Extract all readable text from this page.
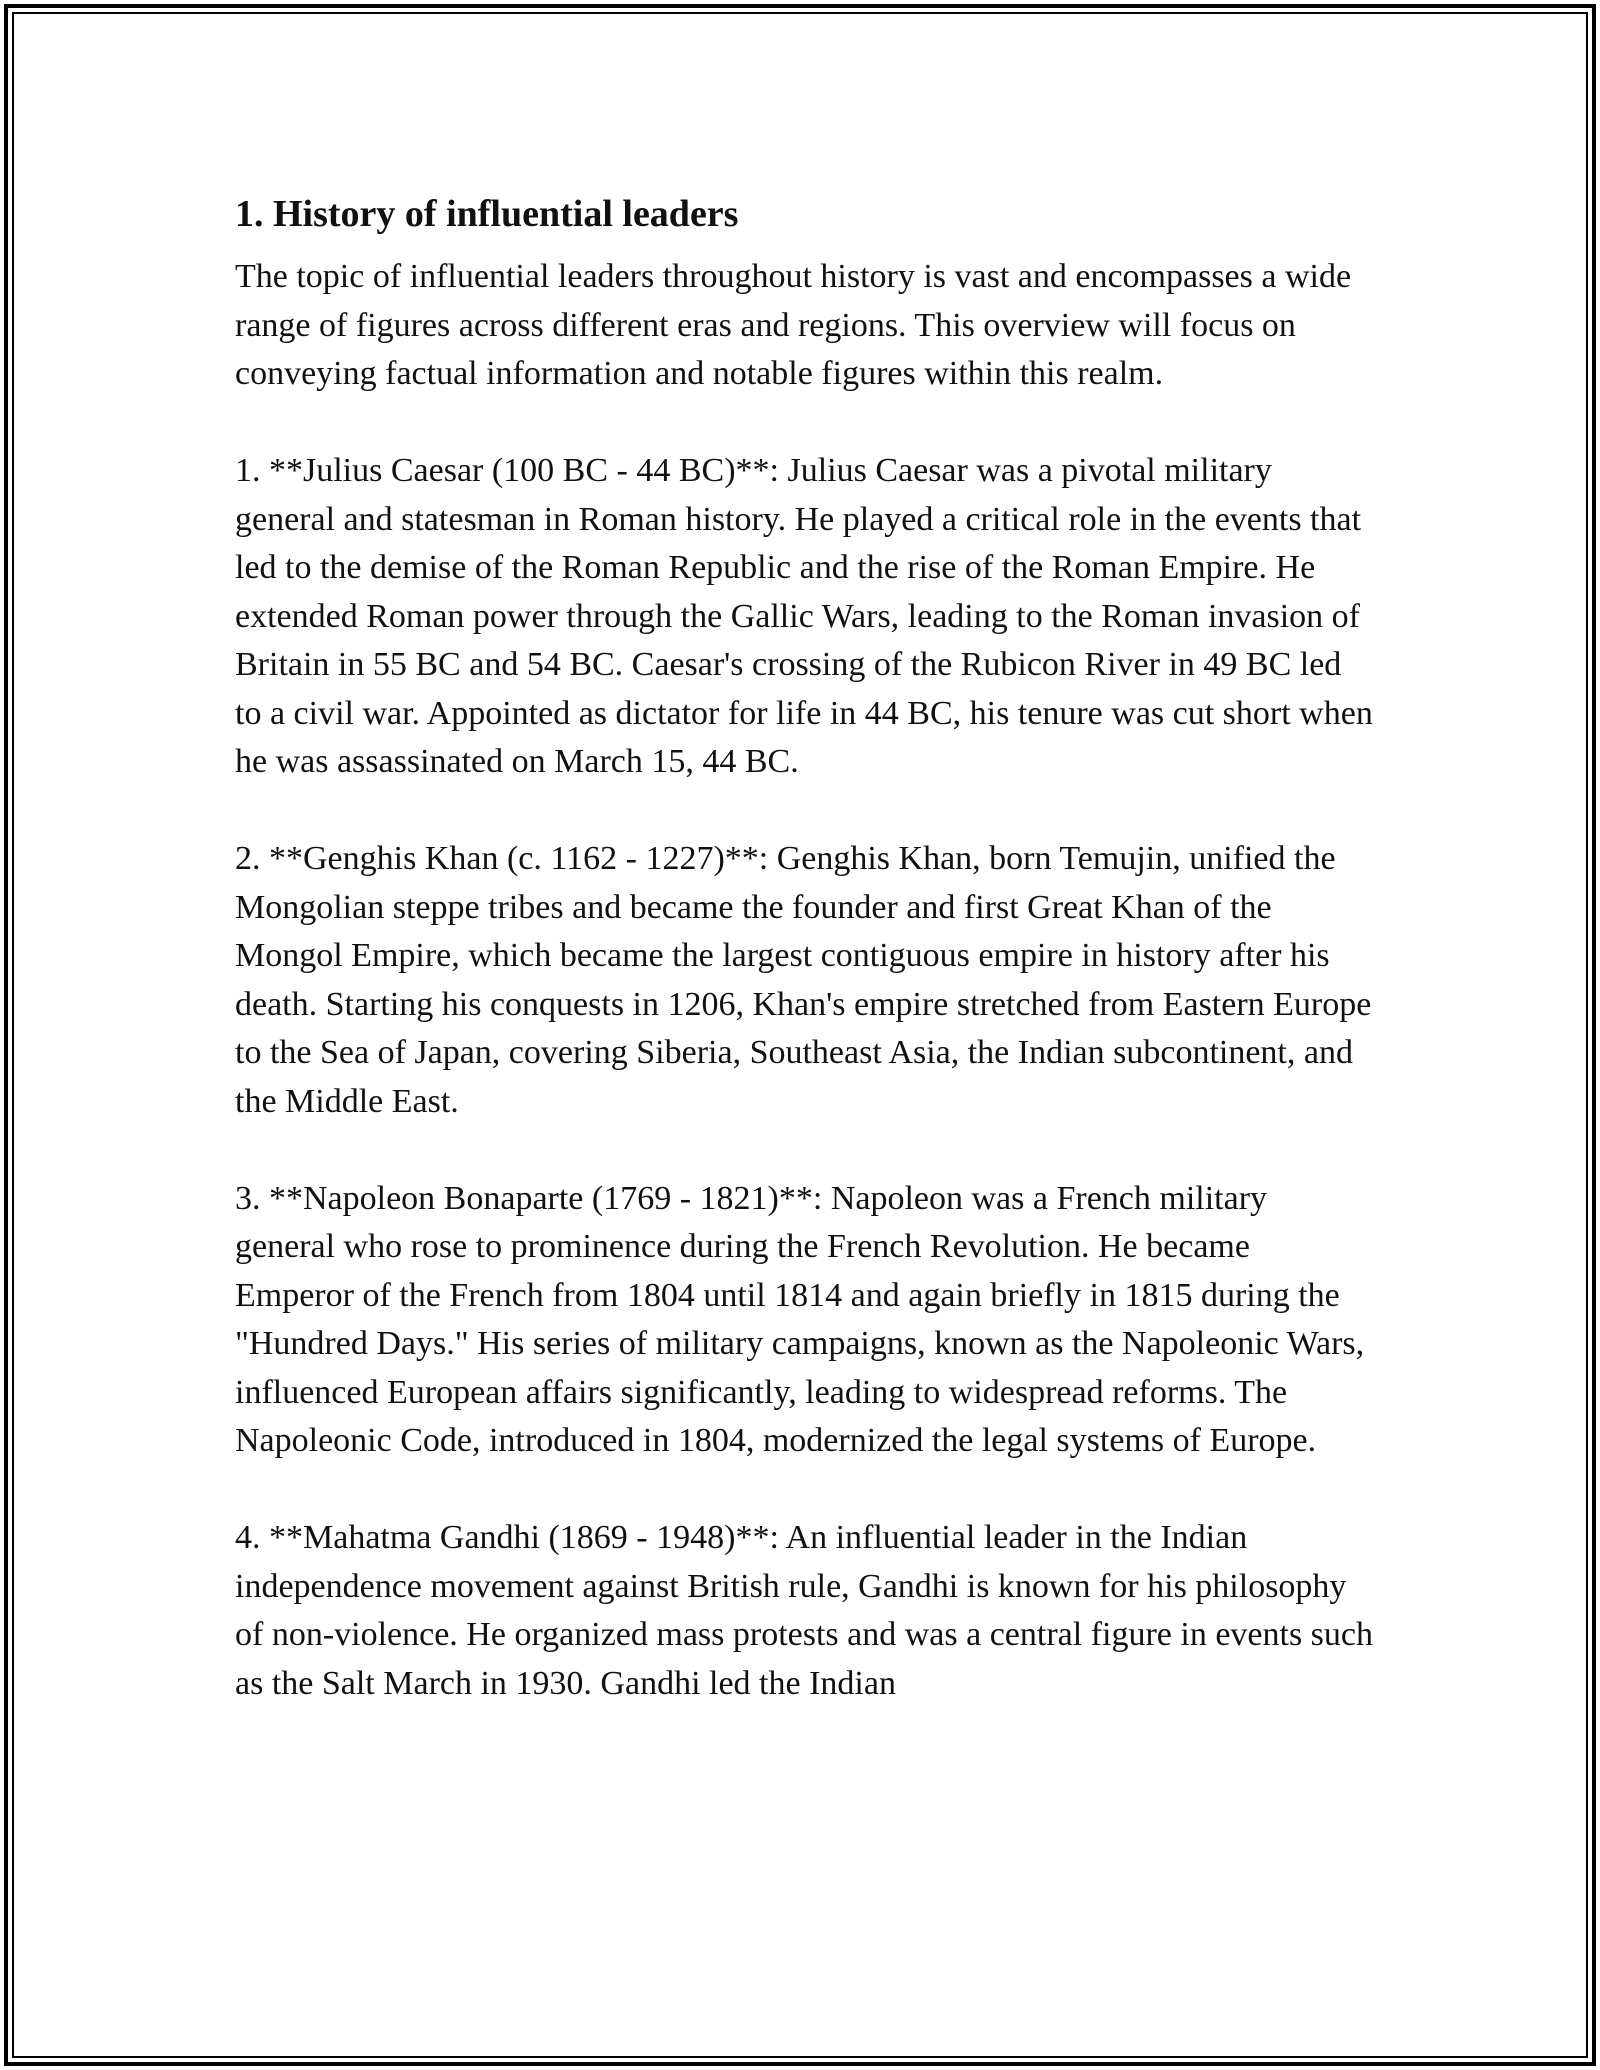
1. History of influential leaders

The topic of influential leaders throughout history is vast and encompasses a wide range of figures across different eras and regions. This overview will focus on conveying factual information and notable figures within this realm.

1. **Julius Caesar (100 BC - 44 BC)**: Julius Caesar was a pivotal military general and statesman in Roman history. He played a critical role in the events that led to the demise of the Roman Republic and the rise of the Roman Empire. He extended Roman power through the Gallic Wars, leading to the Roman invasion of Britain in 55 BC and 54 BC. Caesar's crossing of the Rubicon River in 49 BC led to a civil war. Appointed as dictator for life in 44 BC, his tenure was cut short when he was assassinated on March 15, 44 BC.

2. **Genghis Khan (c. 1162 - 1227)**: Genghis Khan, born Temujin, unified the Mongolian steppe tribes and became the founder and first Great Khan of the Mongol Empire, which became the largest contiguous empire in history after his death. Starting his conquests in 1206, Khan's empire stretched from Eastern Europe to the Sea of Japan, covering Siberia, Southeast Asia, the Indian subcontinent, and the Middle East.

3. **Napoleon Bonaparte (1769 - 1821)**: Napoleon was a French military general who rose to prominence during the French Revolution. He became Emperor of the French from 1804 until 1814 and again briefly in 1815 during the "Hundred Days." His series of military campaigns, known as the Napoleonic Wars, influenced European affairs significantly, leading to widespread reforms. The Napoleonic Code, introduced in 1804, modernized the legal systems of Europe.

4. **Mahatma Gandhi (1869 - 1948)**: An influential leader in the Indian independence movement against British rule, Gandhi is known for his philosophy of non-violence. He organized mass protests and was a central figure in events such as the Salt March in 1930. Gandhi led the Indian
